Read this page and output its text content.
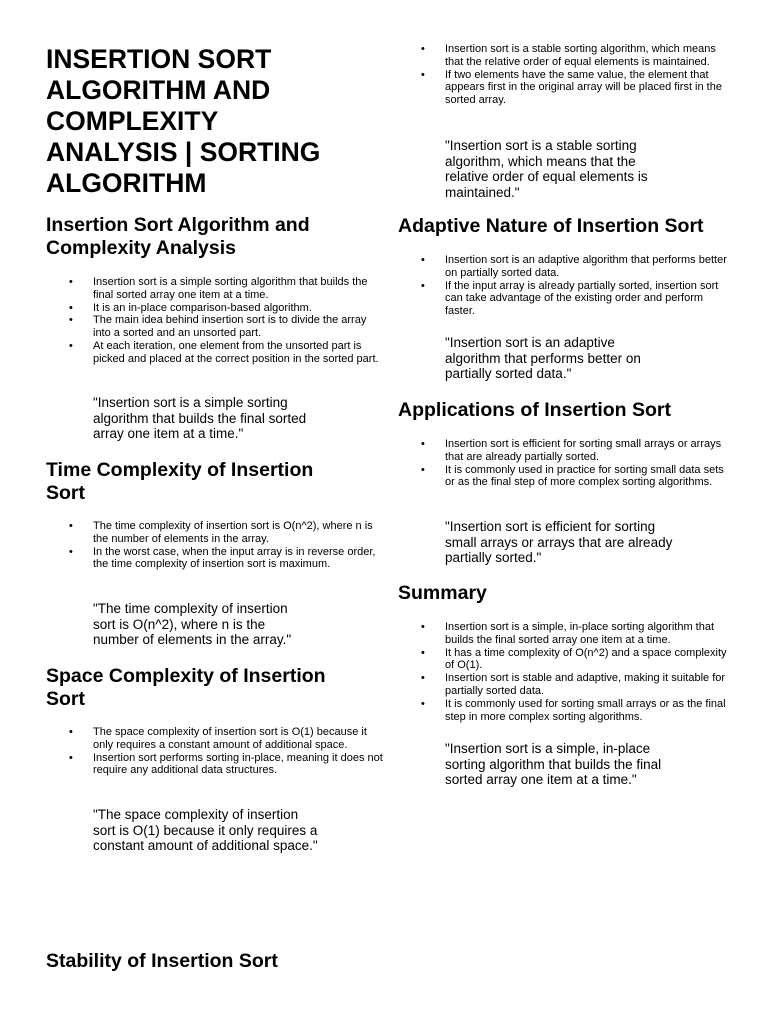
INSERTION SORT ALGORITHM AND COMPLEXITY ANALYSIS | SORTING ALGORITHM
Insertion Sort Algorithm and Complexity Analysis
• Insertion sort is a simple sorting algorithm that builds the final sorted array one item at a time.
• It is an in-place comparison-based algorithm.
• The main idea behind insertion sort is to divide the array into a sorted and an unsorted part.
• At each iteration, one element from the unsorted part is picked and placed at the correct position in the sorted part.

"Insertion sort is a simple sorting algorithm that builds the final sorted array one item at a time."

Time Complexity of Insertion Sort
• The time complexity of insertion sort is O(n^2), where n is the number of elements in the array.
• In the worst case, when the input array is in reverse order, the time complexity of insertion sort is maximum.

"The time complexity of insertion sort is O(n^2), where n is the number of elements in the array."

Space Complexity of Insertion Sort
• The space complexity of insertion sort is O(1) because it only requires a constant amount of additional space.
• Insertion sort performs sorting in-place, meaning it does not require any additional data structures.

"The space complexity of insertion sort is O(1) because it only requires a constant amount of additional space."

Stability of Insertion Sort
• Insertion sort is a stable sorting algorithm, which means that the relative order of equal elements is maintained.
• If two elements have the same value, the element that appears first in the original array will be placed first in the sorted array.

"Insertion sort is a stable sorting algorithm, which means that the relative order of equal elements is maintained."

Adaptive Nature of Insertion Sort
• Insertion sort is an adaptive algorithm that performs better on partially sorted data.
• If the input array is already partially sorted, insertion sort can take advantage of the existing order and perform faster.

"Insertion sort is an adaptive algorithm that performs better on partially sorted data."

Applications of Insertion Sort
• Insertion sort is efficient for sorting small arrays or arrays that are already partially sorted.
• It is commonly used in practice for sorting small data sets or as the final step of more complex sorting algorithms.

"Insertion sort is efficient for sorting small arrays or arrays that are already partially sorted."

Summary
• Insertion sort is a simple, in-place sorting algorithm that builds the final sorted array one item at a time.
• It has a time complexity of O(n^2) and a space complexity of O(1).
• Insertion sort is stable and adaptive, making it suitable for partially sorted data.
• It is commonly used for sorting small arrays or as the final step in more complex sorting algorithms.

"Insertion sort is a simple, in-place sorting algorithm that builds the final sorted array one item at a time."
